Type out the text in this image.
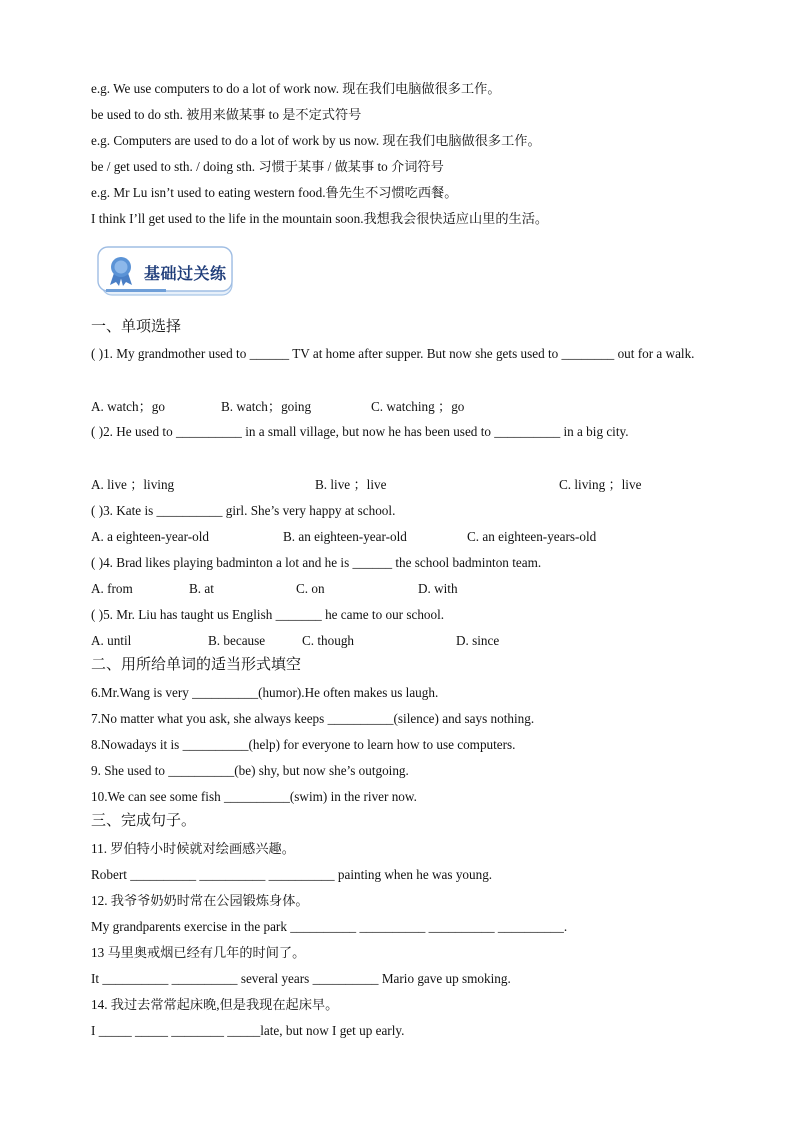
e.g. We use computers to do a lot of work now. 现在我们电脑做很多工作。
be used to do sth. 被用来做某事 to 是不定式符号
e.g. Computers are used to do a lot of work by us now. 现在我们电脑做很多工作。
be / get used to sth. / doing sth. 习惯于某事 / 做某事 to 介词符号
e.g. Mr Lu isn’t used to eating western food.鲁先生不习惯吃西餐。
I think I’ll get used to the life in the mountain soon.我想我会很快适应山里的生活。
基础过关练
一、单项选择
( )1. My grandmother used to ______ TV at home after supper. But now she gets used to ________ out for a walk.
A. watch；go	B. watch；going	C. watching ；go
( )2. He used to __________ in a small village, but now he has been used to __________ in a big city.
A. live ；living	B. live ；live	C. living ；live
( )3. Kate is __________ girl. She’s very happy at school.
A. a eighteen-year-old	B. an eighteen-year-old	C. an eighteen-years-old
( )4. Brad likes playing badminton a lot and he is ______ the school badminton team.
A. from	B. at	C. on	D. with
( )5. Mr. Liu has taught us English _______ he came to our school.
A. until	B. because	C. though	D. since
二、用所给单词的适当形式填空
6.Mr.Wang is very __________(humor).He often makes us laugh.
7.No matter what you ask, she always keeps __________(silence) and says nothing.
8.Nowadays it is __________(help) for everyone to learn how to use computers.
9. She used to __________(be) shy, but now she’s outgoing.
10.We can see some fish __________(swim) in the river now.
三、完成句子。
11. 罗伯特小时候就对绘画感兴趣。
Robert __________ __________ __________ painting when he was young.
12. 我爷爷奶奶时常在公园锻炼身体。
My grandparents exercise in the park __________ __________ __________ __________.
13 马里奥戒烟已经有几年的时间了。
It __________ __________ several years __________ Mario gave up smoking.
14. 我过去常常起床晚,但是我现在起床早。
I _____ _____ ________ _____late, but now I get up early.
